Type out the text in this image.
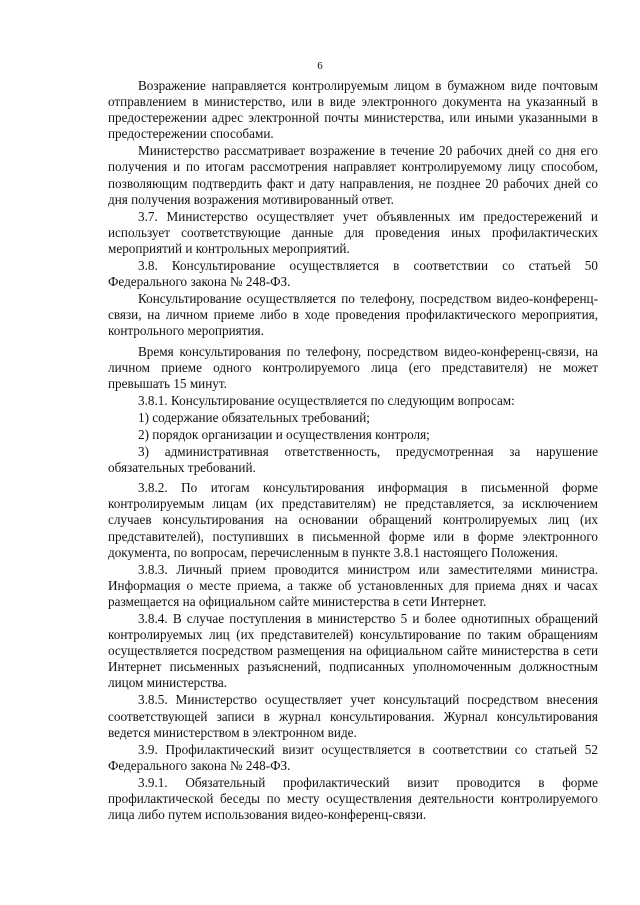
6

Возражение направляется контролируемым лицом в бумажном виде почтовым отправлением в министерство, или в виде электронного документа на указанный в предостережении адрес электронной почты министерства, или иными указанными в предостережении способами.

Министерство рассматривает возражение в течение 20 рабочих дней со дня его получения и по итогам рассмотрения направляет контролируемому лицу способом, позволяющим подтвердить факт и дату направления, не позднее 20 рабочих дней со дня получения возражения мотивированный ответ.

3.7. Министерство осуществляет учет объявленных им предостережений и использует соответствующие данные для проведения иных профилактических мероприятий и контрольных мероприятий.

3.8. Консультирование осуществляется в соответствии со статьей 50 Федерального закона № 248-ФЗ.

Консультирование осуществляется по телефону, посредством видео-конференц-связи, на личном приеме либо в ходе проведения профилактического мероприятия, контрольного мероприятия.

Время консультирования по телефону, посредством видео-конференц-связи, на личном приеме одного контролируемого лица (его представителя) не может превышать 15 минут.

3.8.1. Консультирование осуществляется по следующим вопросам:

1) содержание обязательных требований;

2) порядок организации и осуществления контроля;

3) административная ответственность, предусмотренная за нарушение обязательных требований.

3.8.2. По итогам консультирования информация в письменной форме контролируемым лицам (их представителям) не представляется, за исключением случаев консультирования на основании обращений контролируемых лиц (их представителей), поступивших в письменной форме или в форме электронного документа, по вопросам, перечисленным в пункте 3.8.1 настоящего Положения.

3.8.3. Личный прием проводится министром или заместителями министра. Информация о месте приема, а также об установленных для приема днях и часах размещается на официальном сайте министерства в сети Интернет.

3.8.4. В случае поступления в министерство 5 и более однотипных обращений контролируемых лиц (их представителей) консультирование по таким обращениям осуществляется посредством размещения на официальном сайте министерства в сети Интернет письменных разъяснений, подписанных уполномоченным должностным лицом министерства.

3.8.5. Министерство осуществляет учет консультаций посредством внесения соответствующей записи в журнал консультирования. Журнал консультирования ведется министерством в электронном виде.

3.9. Профилактический визит осуществляется в соответствии со статьей 52 Федерального закона № 248-ФЗ.

3.9.1. Обязательный профилактический визит проводится в форме профилактической беседы по месту осуществления деятельности контролируемого лица либо путем использования видео-конференц-связи.
